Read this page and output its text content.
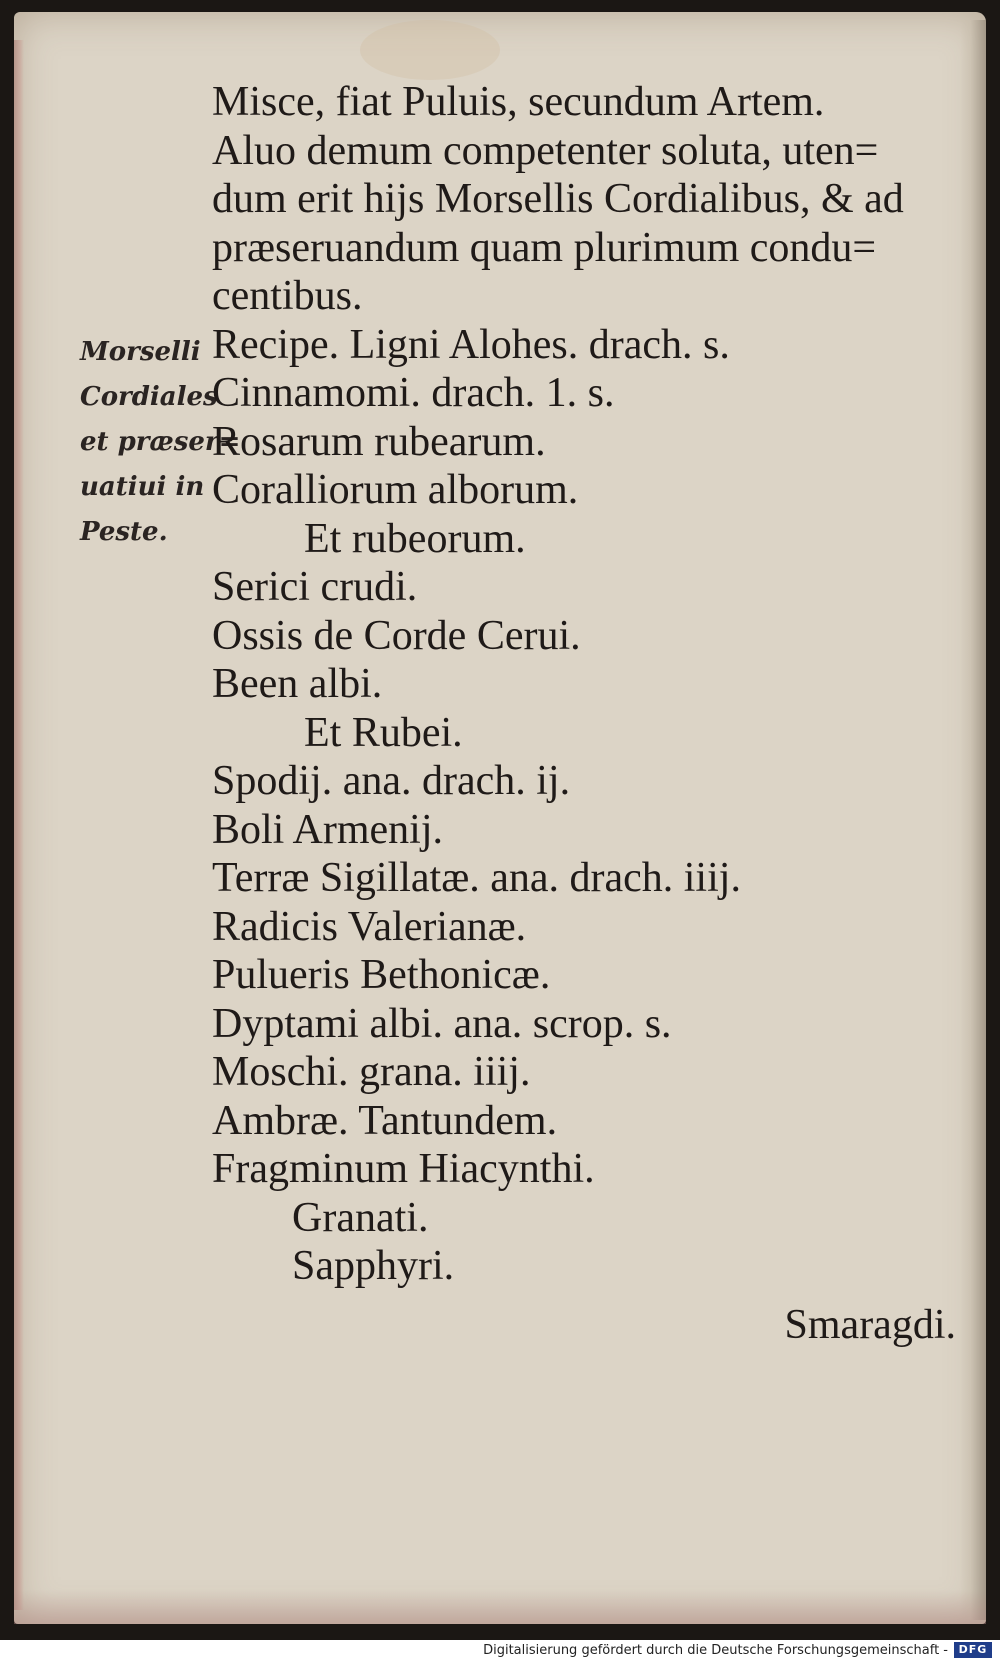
Morselli
Cordiales
et præser=
uatiui in
Peste.
Misce, fiat Puluis, secundum Artem.
Aluo demum competenter soluta, uten=
dum erit hijs Morsellis Cordialibus, & ad
præseruandum quam plurimum condu=
centibus.
Recipe. Ligni Alohes. drach. s.
Cinnamomi. drach. 1. s.
Rosarum rubearum.
Coralliorum alborum.
Et rubeorum.
Serici crudi.
Ossis de Corde Cerui.
Been albi.
Et Rubei.
Spodij. ana. drach. ij.
Boli Armenij.
Terræ Sigillatæ. ana. drach. iiij.
Radicis Valerianæ.
Pulueris Bethonicæ.
Dyptami albi. ana. scrop. s.
Moschi. grana. iiij.
Ambræ. Tantundem.
Fragminum Hiacynthi.
Granati.
Sapphyri.
Smaragdi.
Digitalisierung gefördert durch die Deutsche Forschungsgemeinschaft - DFG
